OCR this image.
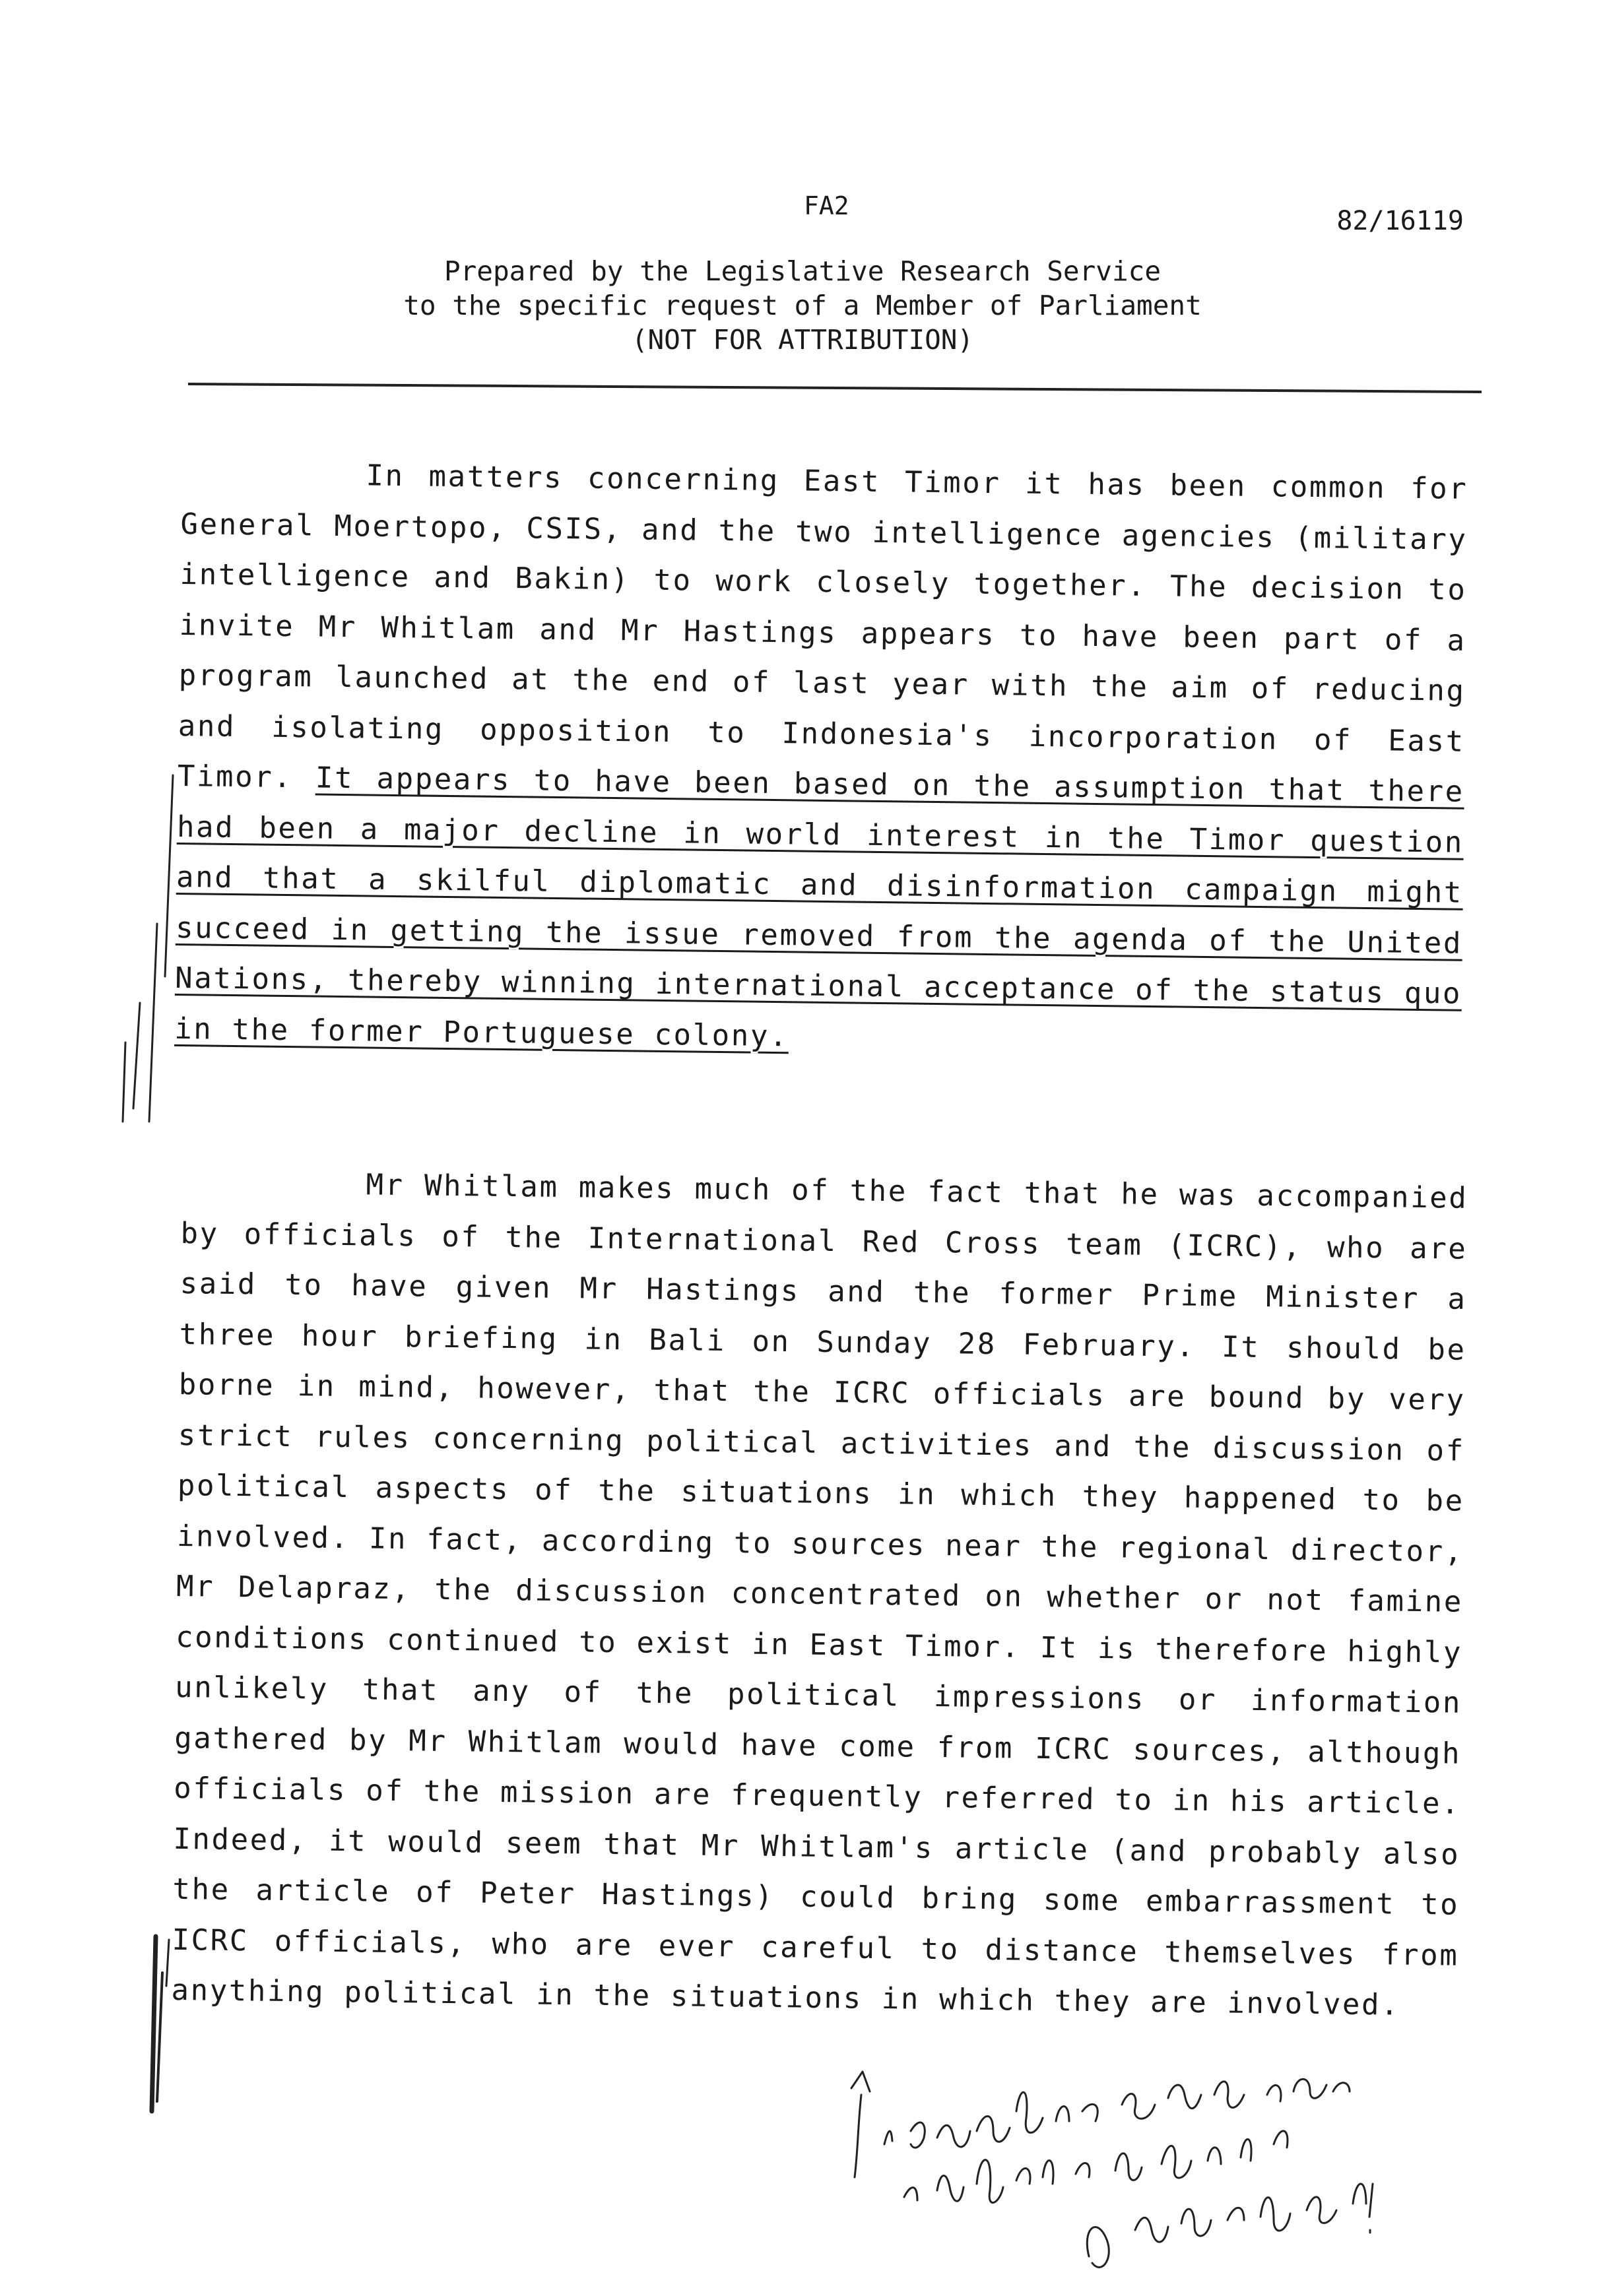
FA2	82/16119
Prepared by the Legislative Research Service
to the specific request of a Member of Parliament
(NOT FOR ATTRIBUTION)

In matters concerning East Timor it has been common for General Moertopo, CSIS, and the two intelligence agencies (military intelligence and Bakin) to work closely together. The decision to invite Mr Whitlam and Mr Hastings appears to have been part of a program launched at the end of last year with the aim of reducing and isolating opposition to Indonesia's incorporation of East Timor. It appears to have been based on the assumption that there had been a major decline in world interest in the Timor question and that a skilful diplomatic and disinformation campaign might succeed in getting the issue removed from the agenda of the United Nations, thereby winning international acceptance of the status quo in the former Portuguese colony.

Mr Whitlam makes much of the fact that he was accompanied by officials of the International Red Cross team (ICRC), who are said to have given Mr Hastings and the former Prime Minister a three hour briefing in Bali on Sunday 28 February. It should be borne in mind, however, that the ICRC officials are bound by very strict rules concerning political activities and the discussion of political aspects of the situations in which they happened to be involved. In fact, according to sources near the regional director, Mr Delapraz, the discussion concentrated on whether or not famine conditions continued to exist in East Timor. It is therefore highly unlikely that any of the political impressions or information gathered by Mr Whitlam would have come from ICRC sources, although officials of the mission are frequently referred to in his article. Indeed, it would seem that Mr Whitlam's article (and probably also the article of Peter Hastings) could bring some embarrassment to ICRC officials, who are ever careful to distance themselves from anything political in the situations in which they are involved.
